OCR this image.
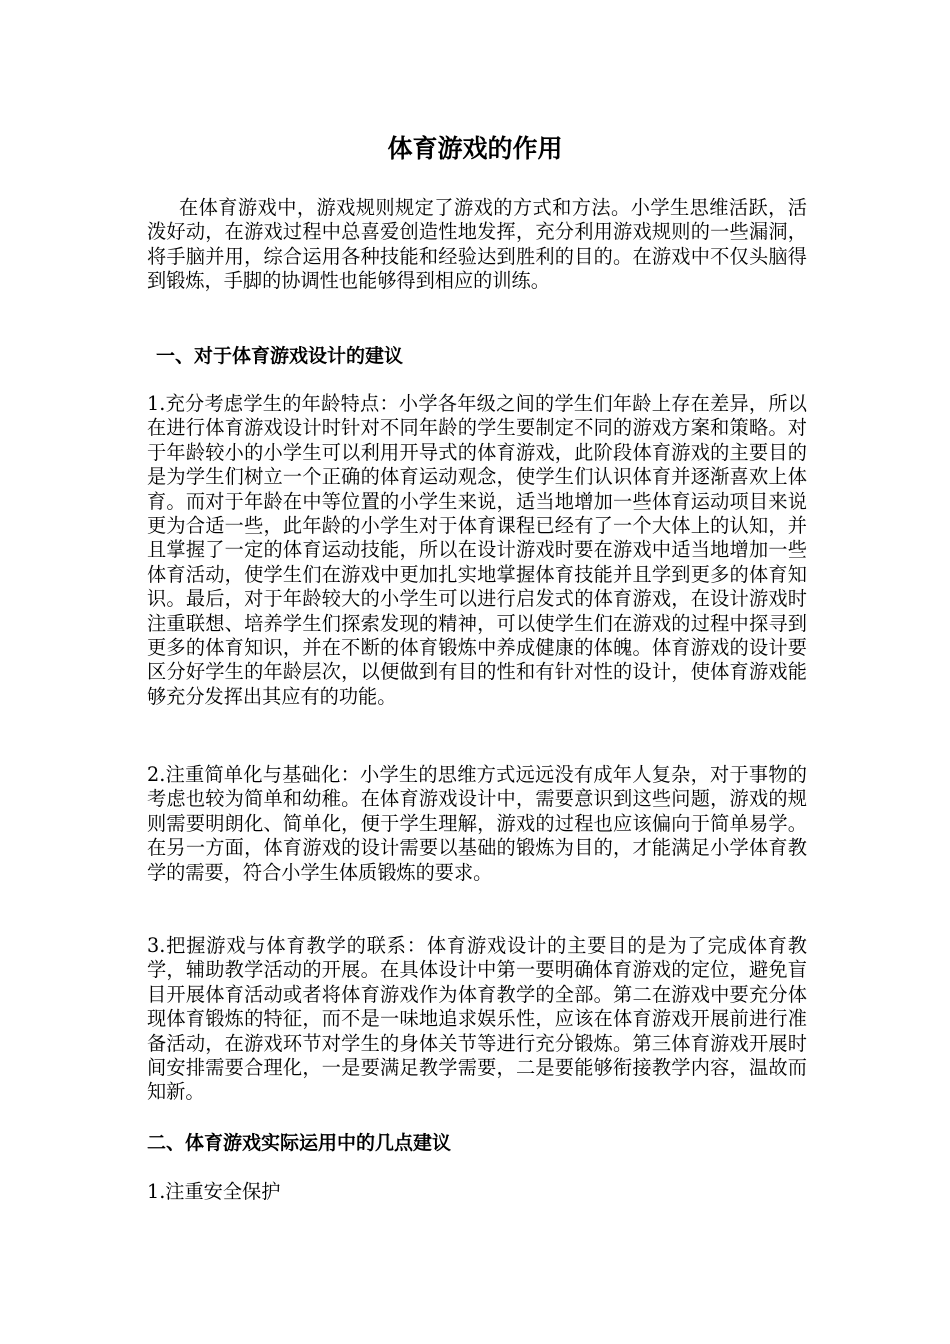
体育游戏的作用

在体育游戏中，游戏规则规定了游戏的方式和方法。小学生思维活跃，活泼好动，在游戏过程中总喜爱创造性地发挥，充分利用游戏规则的一些漏洞，将手脑并用，综合运用各种技能和经验达到胜利的目的。在游戏中不仅头脑得到锻炼，手脚的协调性也能够得到相应的训练。

一、对于体育游戏设计的建议

1.充分考虑学生的年龄特点：小学各年级之间的学生们年龄上存在差异，所以在进行体育游戏设计时针对不同年龄的学生要制定不同的游戏方案和策略。对于年龄较小的小学生可以利用开导式的体育游戏，此阶段体育游戏的主要目的是为学生们树立一个正确的体育运动观念，使学生们认识体育并逐渐喜欢上体育。而对于年龄在中等位置的小学生来说，适当地增加一些体育运动项目来说更为合适一些，此年龄的小学生对于体育课程已经有了一个大体上的认知，并且掌握了一定的体育运动技能，所以在设计游戏时要在游戏中适当地增加一些体育活动，使学生们在游戏中更加扎实地掌握体育技能并且学到更多的体育知识。最后，对于年龄较大的小学生可以进行启发式的体育游戏，在设计游戏时注重联想、培养学生们探索发现的精神，可以使学生们在游戏的过程中探寻到更多的体育知识，并在不断的体育锻炼中养成健康的体魄。体育游戏的设计要区分好学生的年龄层次，以便做到有目的性和有针对性的设计，使体育游戏能够充分发挥出其应有的功能。

2.注重简单化与基础化：小学生的思维方式远远没有成年人复杂，对于事物的考虑也较为简单和幼稚。在体育游戏设计中，需要意识到这些问题，游戏的规则需要明朗化、简单化，便于学生理解，游戏的过程也应该偏向于简单易学。在另一方面，体育游戏的设计需要以基础的锻炼为目的，才能满足小学体育教学的需要，符合小学生体质锻炼的要求。

3.把握游戏与体育教学的联系：体育游戏设计的主要目的是为了完成体育教学，辅助教学活动的开展。在具体设计中第一要明确体育游戏的定位，避免盲目开展体育活动或者将体育游戏作为体育教学的全部。第二在游戏中要充分体现体育锻炼的特征，而不是一味地追求娱乐性，应该在体育游戏开展前进行准备活动，在游戏环节对学生的身体关节等进行充分锻炼。第三体育游戏开展时间安排需要合理化，一是要满足教学需要，二是要能够衔接教学内容，温故而知新。

二、体育游戏实际运用中的几点建议

1.注重安全保护
